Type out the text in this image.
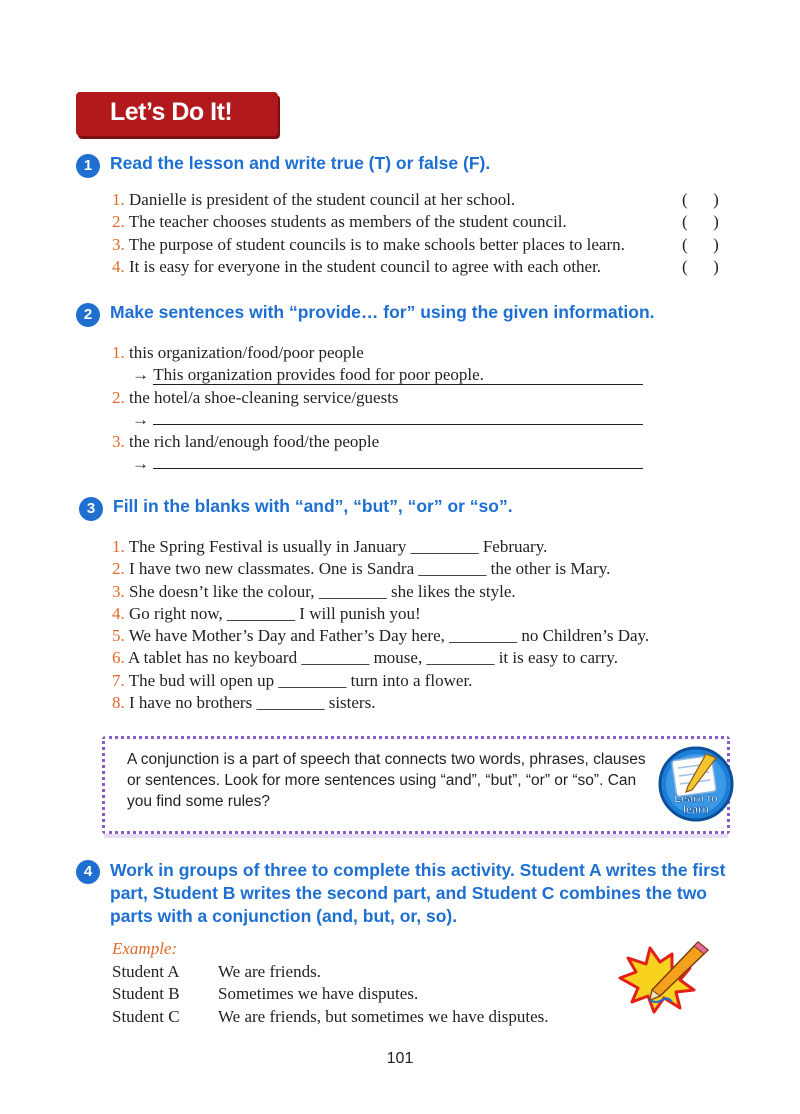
Let’s Do It!
1	Read the lesson and write true (T) or false (F).
1. Danielle is president of the student council at her school.	(      )
2. The teacher chooses students as members of the student council.	(      )
3. The purpose of student councils is to make schools better places to learn.	(      )
4. It is easy for everyone in the student council to agree with each other.	(      )
2	Make sentences with “provide… for” using the given information.
1. this organization/food/poor people
→ This organization provides food for poor people.
2. the hotel/a shoe-cleaning service/guests
→
3. the rich land/enough food/the people
→
3	Fill in the blanks with “and”, “but”, “or” or “so”.
1. The Spring Festival is usually in January ________ February.
2. I have two new classmates. One is Sandra ________ the other is Mary.
3. She doesn’t like the colour, ________ she likes the style.
4. Go right now, ________ I will punish you!
5. We have Mother’s Day and Father’s Day here, ________ no Children’s Day.
6. A tablet has no keyboard ________ mouse, ________ it is easy to carry.
7. The bud will open up ________ turn into a flower.
8. I have no brothers ________ sisters.

A conjunction is a part of speech that connects two words, phrases, clauses or sentences. Look for more sentences using “and”, “but”, “or” or “so”. Can you find some rules?	Learn to
learn
4	Work in groups of three to complete this activity. Student A writes the first part, Student B writes the second part, and Student C combines the two parts with a conjunction (and, but, or, so).
Example:
Student A We are friends.
Student B Sometimes we have disputes.
Student C We are friends, but sometimes we have disputes.
101
